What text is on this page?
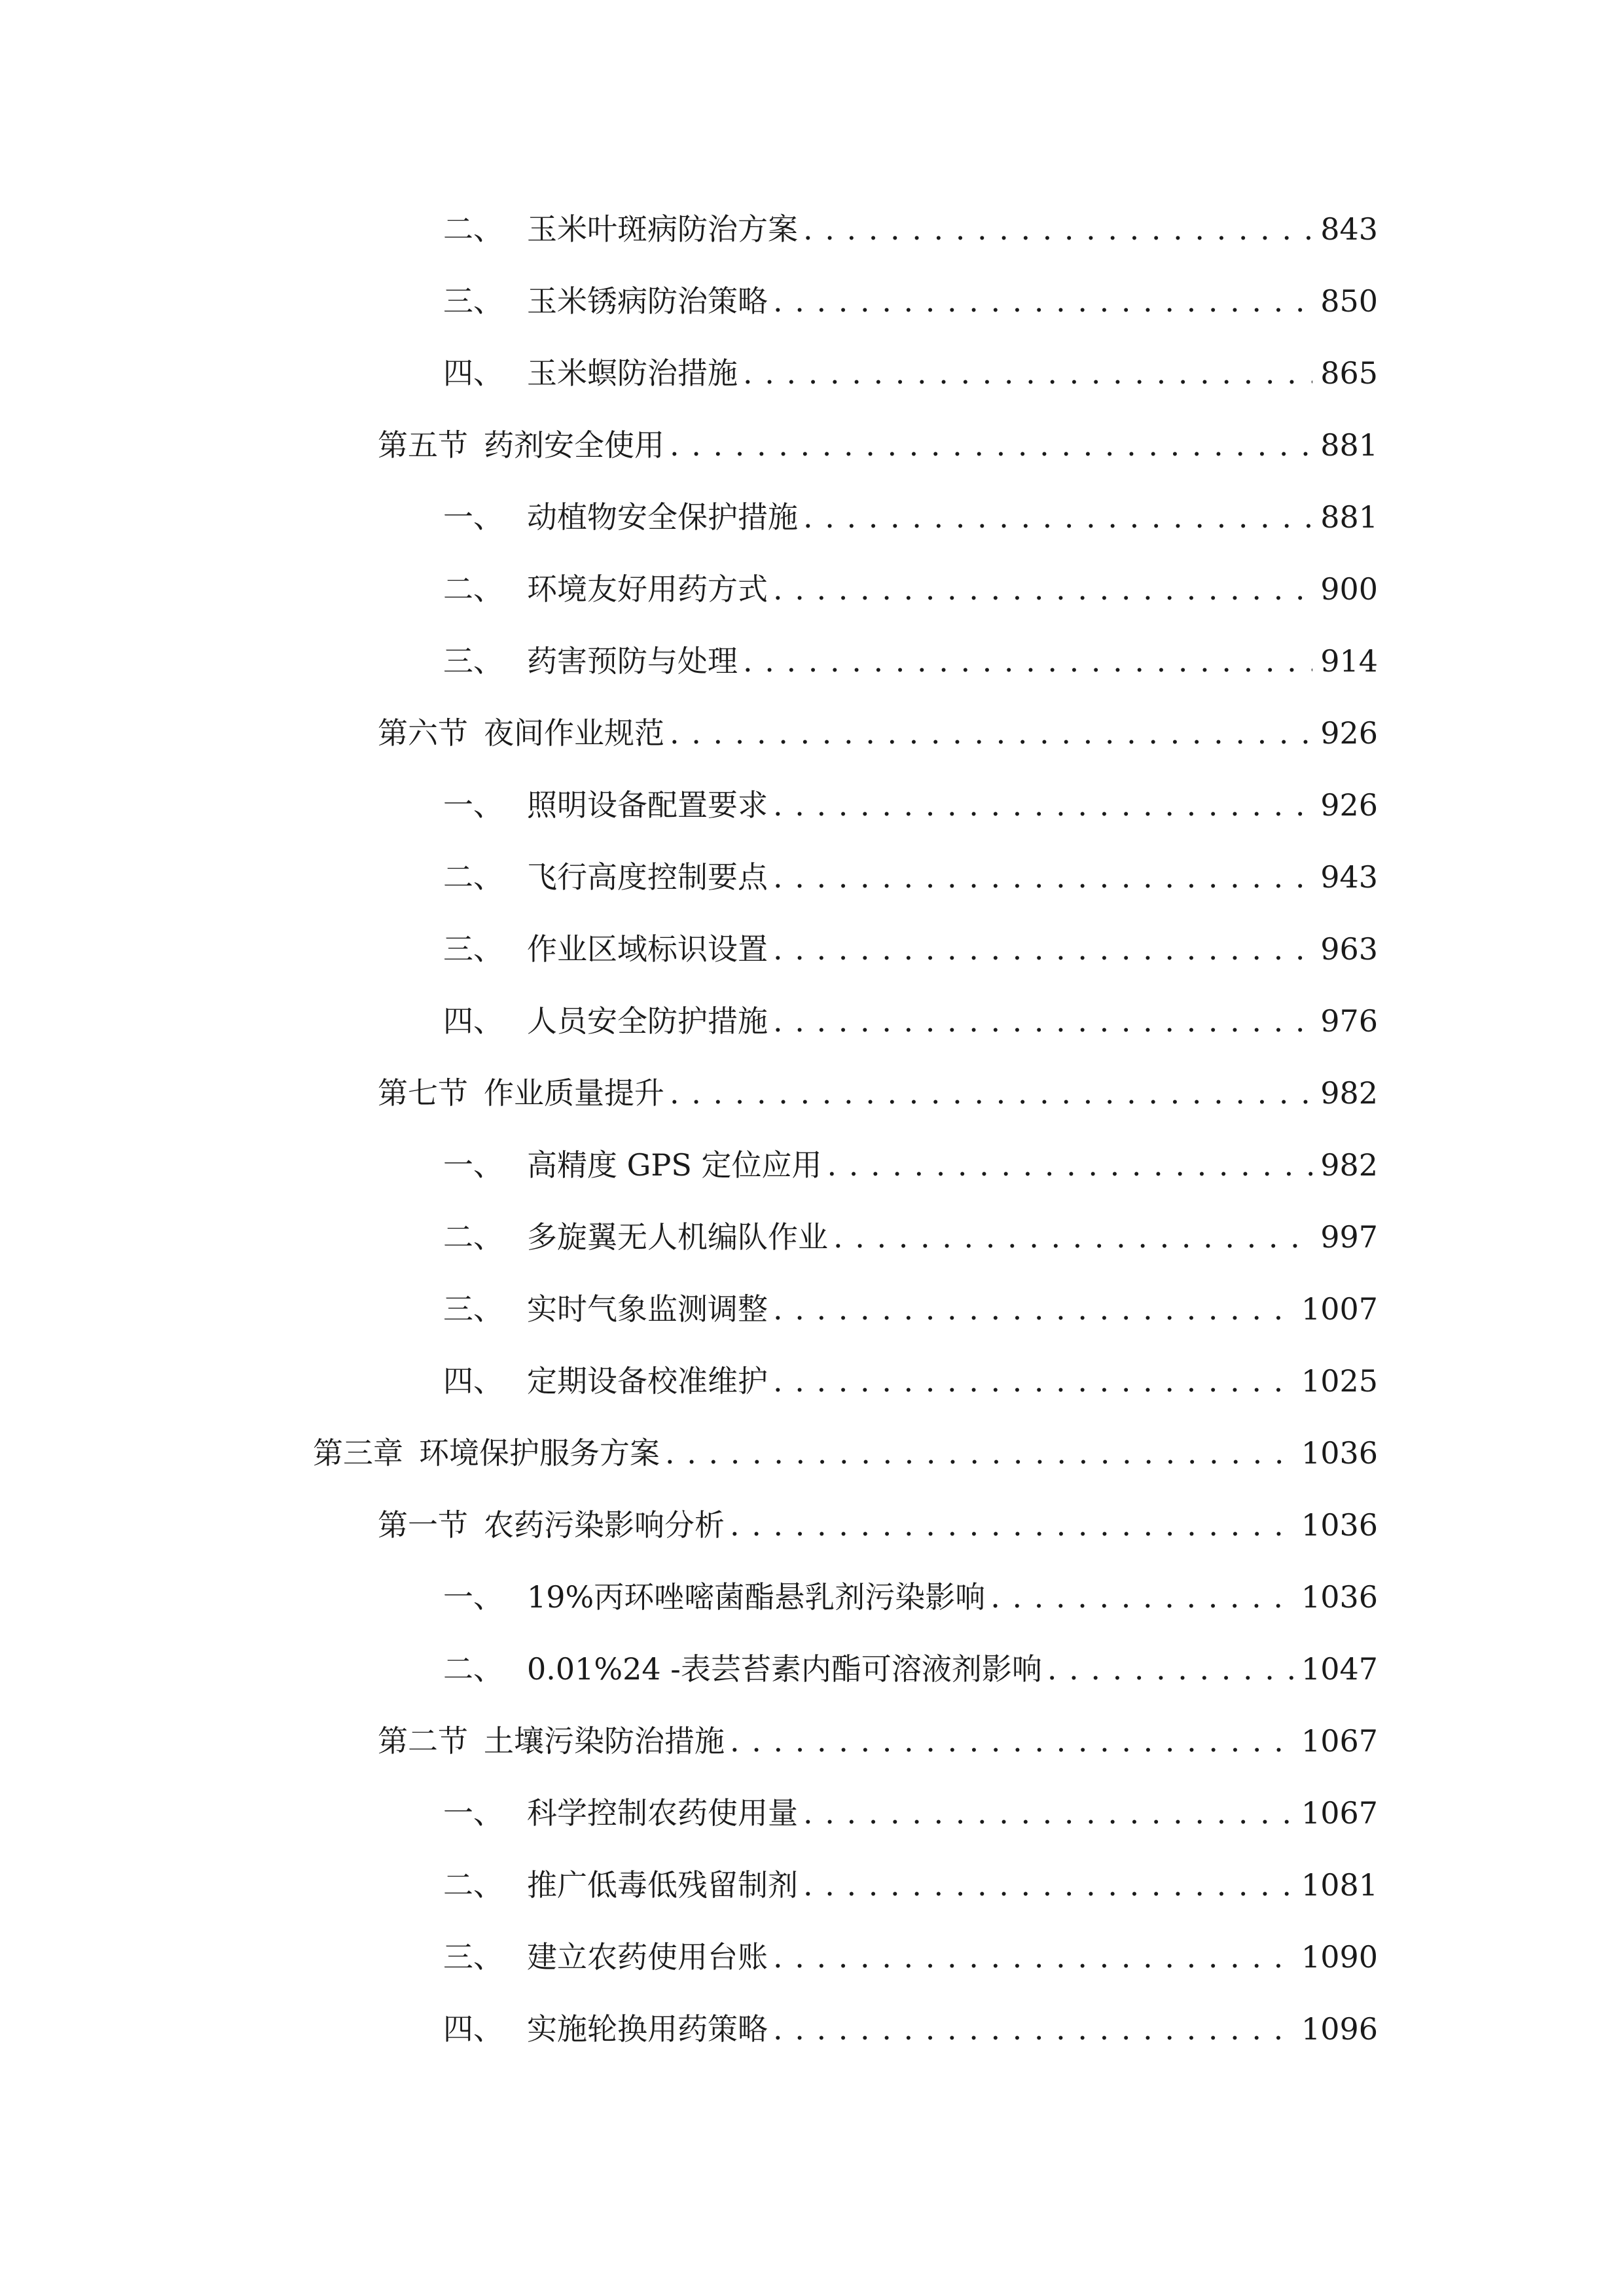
二、 玉米叶斑病防治方案 . . .	843
三、 玉米锈病防治策略 . . .	850
四、 玉米螟防治措施 . . .	865
第五节 药剂安全使用 . . .	881
一、 动植物安全保护措施 . . .	881
二、 环境友好用药方式 . . .	900
三、 药害预防与处理 . . .	914
第六节 夜间作业规范 . . .	926
一、 照明设备配置要求 . . .	926
二、 飞行高度控制要点 . . .	943
三、 作业区域标识设置 . . .	963
四、 人员安全防护措施 . . .	976
第七节 作业质量提升 . . .	982
一、 高精度 GPS 定位应用 . . .	982
二、 多旋翼无人机编队作业 . . .	997
三、 实时气象监测调整 . . .	1007
四、 定期设备校准维护 . . .	1025
第三章 环境保护服务方案 . . .	1036
第一节 农药污染影响分析 . . .	1036
一、 19%丙环唑嘧菌酯悬乳剂污染影响 . . .	1036
二、 0.01%24 -表芸苔素内酯可溶液剂影响 . . .	1047
第二节 土壤污染防治措施 . . .	1067
一、 科学控制农药使用量 . . .	1067
二、 推广低毒低残留制剂 . . .	1081
三、 建立农药使用台账 . . .	1090
四、 实施轮换用药策略 . . .	1096
